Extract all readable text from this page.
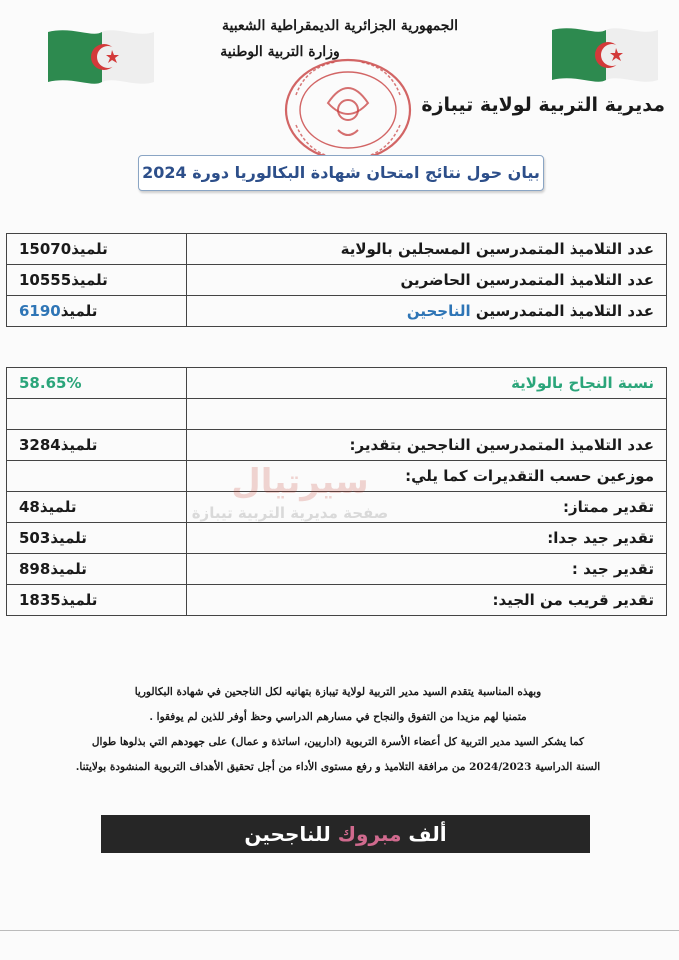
الجمهورية الجزائرية الديمقراطية الشعبية
وزارة التربية الوطنية
مديرية التربية لولاية تيبازة
بيان حول نتائج امتحان شهادة البكالوريا دورة 2024
15070تلميذ	عدد التلاميذ المتمدرسين المسجلين بالولاية
10555تلميذ	عدد التلاميذ المتمدرسين الحاضرين
6190تلميذ	عدد التلاميذ المتمدرسين الناجحين
58.65%	نسبة النجاح بالولاية

3284تلميذ	عدد التلاميذ المتمدرسين الناجحين بتقدير:
	موزعين حسب التقديرات كما يلي:
48تلميذ	تقدير ممتاز:
503تلميذ	تقدير جيد جدا:
898تلميذ	تقدير جيد :
1835تلميذ	تقدير قريب من الجيد:
سيرتيال
صفحة مديرية التربية تيبازة

وبهذه المناسبة يتقدم السيد مدير التربية لولاية تيبازة بتهانيه لكل الناجحين في شهادة البكالوريا

متمنيا لهم مزيدا من التفوق والنجاح في مسارهم الدراسي وحظ أوفر للذين لم يوفقوا .

كما يشكر السيد مدير التربية كل أعضاء الأسرة التربوية (اداريين، اساتذة و عمال) على جهودهم التي بذلوها طوال

السنة الدراسية 2024/2023 من مرافقة التلاميذ و رفع مستوى الأداء من أجل تحقيق الأهداف التربوية المنشودة بولايتنا.

ألف مبروك للناجحين
